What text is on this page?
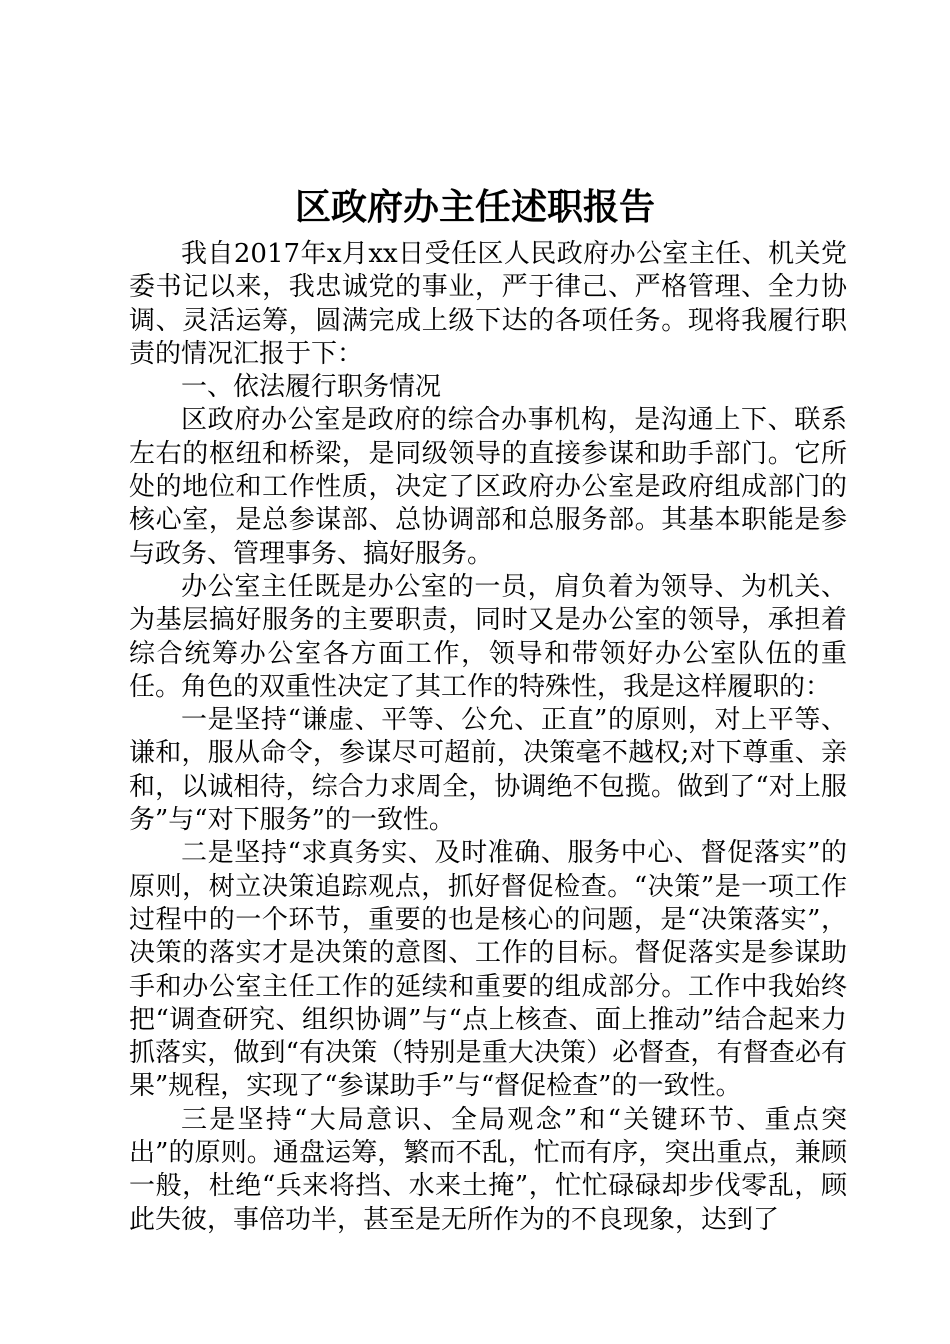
区政府办主任述职报告

我自2017年x月xx日受任区人民政府办公室主任、机关党委书记以来，我忠诚党的事业，严于律己、严格管理、全力协调、灵活运筹，圆满完成上级下达的各项任务。现将我履行职责的情况汇报于下：

一、依法履行职务情况

区政府办公室是政府的综合办事机构，是沟通上下、联系左右的枢纽和桥梁，是同级领导的直接参谋和助手部门。它所处的地位和工作性质，决定了区政府办公室是政府组成部门的核心室，是总参谋部、总协调部和总服务部。其基本职能是参与政务、管理事务、搞好服务。

办公室主任既是办公室的一员，肩负着为领导、为机关、为基层搞好服务的主要职责，同时又是办公室的领导，承担着综合统筹办公室各方面工作，领导和带领好办公室队伍的重任。角色的双重性决定了其工作的特殊性，我是这样履职的：

一是坚持“谦虚、平等、公允、正直”的原则，对上平等、谦和，服从命令，参谋尽可超前，决策毫不越权;对下尊重、亲和，以诚相待，综合力求周全，协调绝不包揽。做到了“对上服务”与“对下服务”的一致性。

二是坚持“求真务实、及时准确、服务中心、督促落实”的原则，树立决策追踪观点，抓好督促检查。“决策”是一项工作过程中的一个环节，重要的也是核心的问题，是“决策落实”，决策的落实才是决策的意图、工作的目标。督促落实是参谋助手和办公室主任工作的延续和重要的组成部分。工作中我始终把“调查研究、组织协调”与“点上核查、面上推动”结合起来力抓落实，做到“有决策（特别是重大决策）必督查，有督查必有果”规程，实现了“参谋助手”与“督促检查”的一致性。

三是坚持“大局意识、全局观念”和“关键环节、重点突出”的原则。通盘运筹，繁而不乱，忙而有序，突出重点，兼顾一般，杜绝“兵来将挡、水来土掩”，忙忙碌碌却步伐零乱，顾此失彼，事倍功半，甚至是无所作为的不良现象，达到了
